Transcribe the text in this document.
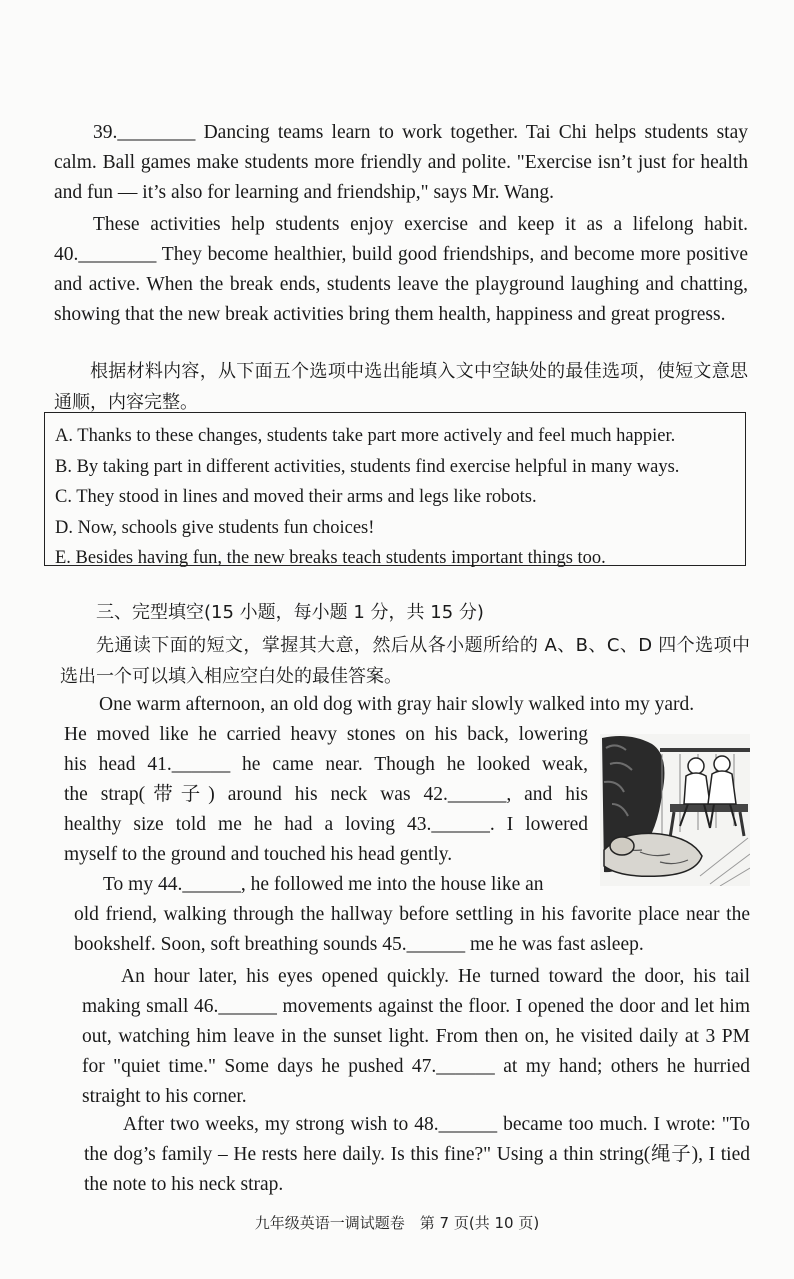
39.________ Dancing teams learn to work together. Tai Chi helps students stay calm. Ball games make students more friendly and polite. "Exercise isn’t just for health and fun — it’s also for learning and friendship," says Mr. Wang.

These activities help students enjoy exercise and keep it as a lifelong habit. 40.________ They become healthier, build good friendships, and become more positive and active. When the break ends, students leave the playground laughing and chatting, showing that the new break activities bring them health, happiness and great progress.

根据材料内容，从下面五个选项中选出能填入文中空缺处的最佳选项，使短文意思通顺，内容完整。

A. Thanks to these changes, students take part more actively and feel much happier.
B. By taking part in different activities, students find exercise helpful in many ways.
C. They stood in lines and moved their arms and legs like robots.
D. Now, schools give students fun choices!
E. Besides having fun, the new breaks teach students important things too.

三、完型填空(15 小题，每小题 1 分，共 15 分)

先通读下面的短文，掌握其大意，然后从各小题所给的 A、B、C、D 四个选项中选出一个可以填入相应空白处的最佳答案。

One warm afternoon, an old dog with gray hair slowly walked into my yard.

He moved like he carried heavy stones on his back, lowering
his head 41.______ he came near. Though he looked weak,
the strap(带子) around his neck was 42.______, and his
healthy size told me he had a loving 43.______. I lowered
myself to the ground and touched his head gently.

To my 44.______, he followed me into the house like an

old friend, walking through the hallway before settling in his favorite place near the bookshelf. Soon, soft breathing sounds 45.______ me he was fast asleep.

An hour later, his eyes opened quickly. He turned toward the door, his tail making small 46.______ movements against the floor. I opened the door and let him out, watching him leave in the sunset light. From then on, he visited daily at 3 PM for "quiet time." Some days he pushed 47.______ at my hand; others he hurried straight to his corner.

After two weeks, my strong wish to 48.______ became too much. I wrote: "To the dog’s family – He rests here daily. Is this fine?" Using a thin string(绳子), I tied the note to his neck strap.

九年级英语一调试题卷　第 7 页(共 10 页)
